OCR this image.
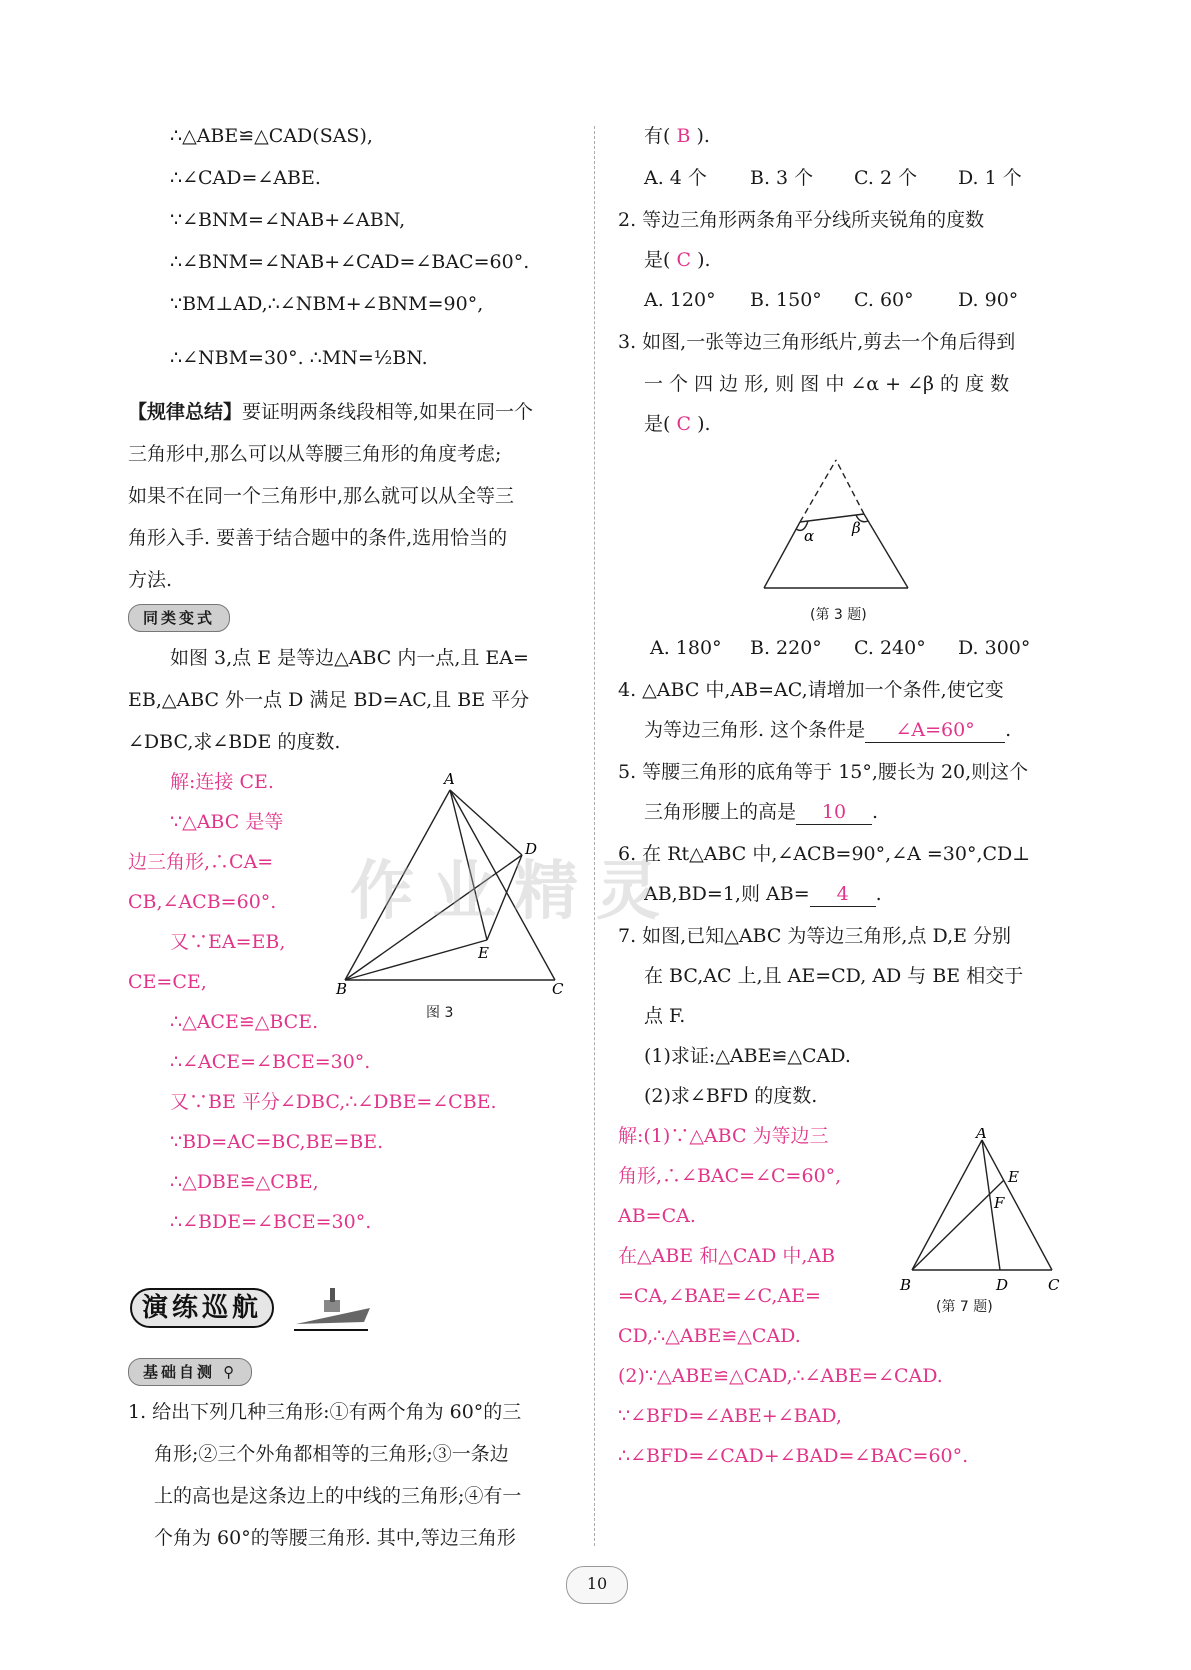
∴△ABE≌△CAD(SAS),
∴∠CAD=∠ABE.
∵∠BNM=∠NAB+∠ABN,
∴∠BNM=∠NAB+∠CAD=∠BAC=60°.
∵BM⊥AD,∴∠NBM+∠BNM=90°,
∴∠NBM=30°. ∴MN=½BN.
【规律总结】要证明两条线段相等,如果在同一个
三角形中,那么可以从等腰三角形的角度考虑;
如果不在同一个三角形中,那么就可以从全等三
角形入手. 要善于结合题中的条件,选用恰当的
方法.
同类变式
如图 3,点 E 是等边△ABC 内一点,且 EA=
EB,△ABC 外一点 D 满足 BD=AC,且 BE 平分
∠DBC,求∠BDE 的度数.
解:连接 CE.
∵△ABC 是等
边三角形,∴CA=
CB,∠ACB=60°.
又∵EA=EB,
CE=CE,
∴△ACE≌△BCE.
∴∠ACE=∠BCE=30°.
又∵BE 平分∠DBC,∴∠DBE=∠CBE.
∵BD=AC=BC,BE=BE.
∴△DBE≌△CBE,
∴∠BDE=∠BCE=30°.
A
B	C
D
E
图 3
演练巡航
基础自测 ⚲
1. 给出下列几种三角形:①有两个角为 60°的三
角形;②三个外角都相等的三角形;③一条边
上的高也是这条边上的中线的三角形;④有一
个角为 60°的等腰三角形. 其中,等边三角形
有( B ).
A. 4 个 B. 3 个 C. 2 个 D. 1 个
2. 等边三角形两条角平分线所夹锐角的度数
是( C ).
A. 120° B. 150° C. 60° D. 90°
3. 如图,一张等边三角形纸片,剪去一个角后得到
一 个 四 边 形, 则 图 中 ∠α + ∠β 的 度 数
是( C ).
α	β
(第 3 题)
A. 180° B. 220° C. 240° D. 300°
4. △ABC 中,AB=AC,请增加一个条件,使它变
为等边三角形. 这个条件是 ∠A=60° .
5. 等腰三角形的底角等于 15°,腰长为 20,则这个
三角形腰上的高是 10 .
6. 在 Rt△ABC 中,∠ACB=90°,∠A =30°,CD⊥
AB,BD=1,则 AB= 4 .
7. 如图,已知△ABC 为等边三角形,点 D,E 分别
在 BC,AC 上,且 AE=CD, AD 与 BE 相交于
点 F.
(1)求证:△ABE≌△CAD.
(2)求∠BFD 的度数.
解:(1)∵△ABC 为等边三
角形,∴∠BAC=∠C=60°,
AB=CA.
在△ABE 和△CAD 中,AB
=CA,∠BAE=∠C,AE=
CD,∴△ABE≌△CAD.
(2)∵△ABE≌△CAD,∴∠ABE=∠CAD.
∵∠BFD=∠ABE+∠BAD,
∴∠BFD=∠CAD+∠BAD=∠BAC=60°.
A
B	C
D
E
F
(第 7 题)
作业精灵
10
